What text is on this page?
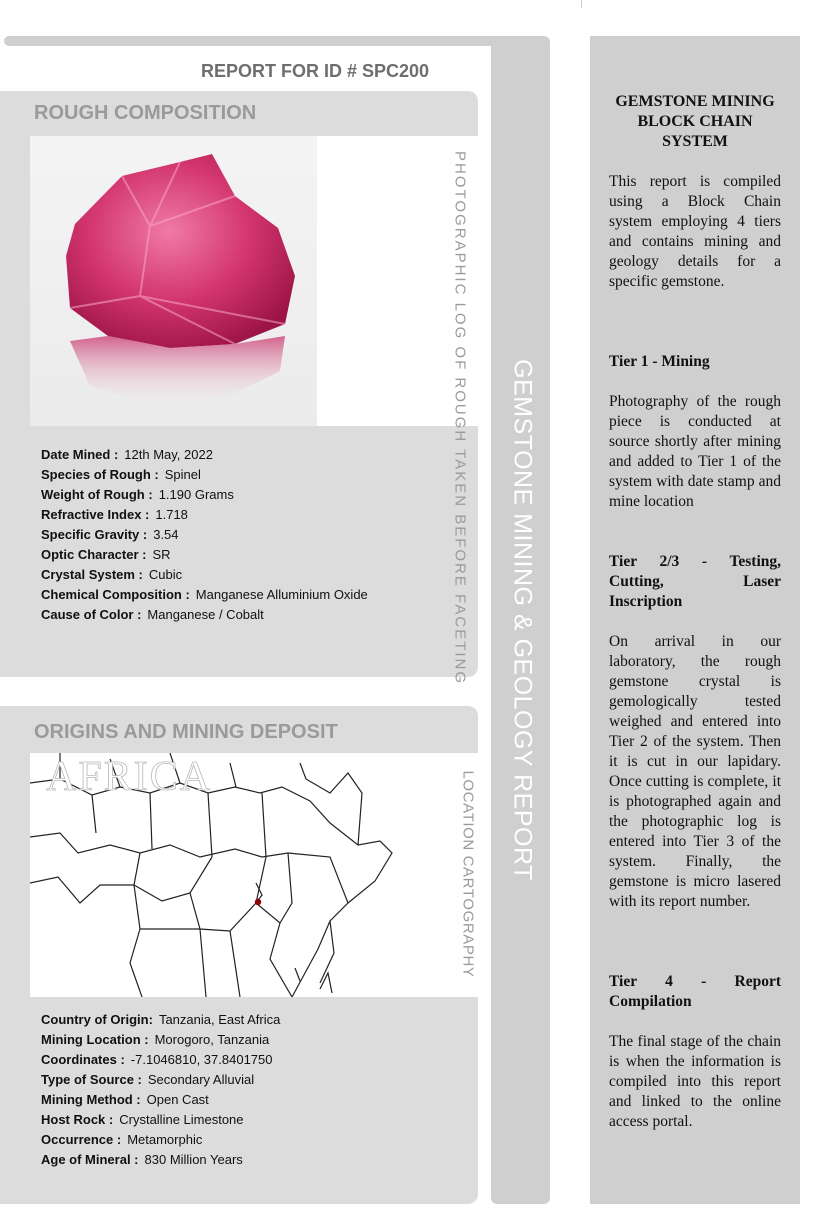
GEMSTONE MINING & GEOLOGY REPORT
REPORT FOR ID # SPC200
ROUGH COMPOSITION
Date Mined : 12th May, 2022
Species of Rough : Spinel
Weight of Rough : 1.190 Grams
Refractive Index : 1.718
Specific Gravity : 3.54
Optic Character : SR
Crystal System : Cubic
Chemical Composition : Manganese Alluminium Oxide
Cause of Color : Manganese / Cobalt
ORIGINS AND MINING DEPOSIT
AFRICA	LOCATION CARTOGRAPHY
Country of Origin: Tanzania, East Africa
Mining Location : Morogoro, Tanzania
Coordinates : -7.1046810, 37.8401750
Type of Source : Secondary Alluvial
Mining Method : Open Cast
Host Rock : Crystalline Limestone
Occurrence : Metamorphic
Age of Mineral : 830 Million Years
GEMSTONE MINING BLOCK CHAIN SYSTEM
This report is compiled using a Block Chain system employing 4 tiers and contains mining and geology details for a specific gemstone.
Tier 1 - Mining
Photography of the rough piece is conducted at source shortly after mining and added to Tier 1 of the system with date stamp and mine location
Tier 2/3 - Testing, Cutting, Laser Inscription
On arrival in our laboratory, the rough gemstone crystal is gemologically tested weighed and entered into Tier 2 of the system. Then it is cut in our lapidary. Once cutting is complete, it is photographed again and the photographic log is entered into Tier 3 of the system. Finally, the gemstone is micro lasered with its report number.
Tier 4 - Report Compilation
The final stage of the chain is when the information is compiled into this report and linked to the online access portal.
